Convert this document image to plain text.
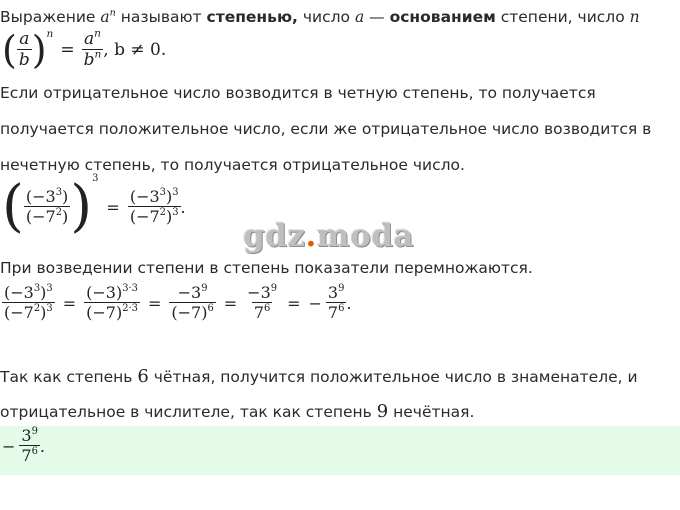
Выражение $a^n$ называют степенью, число a — основанием степени, число n
( $\frac{a}{b}$ ) n
= $\frac{a^n}{b^n}$ , b ≠ 0.
Если отрицательное число возводится в четную степень, то получается
получается положительное число, если же отрицательное число возводится в
нечетную степень, то получается отрицательное число.
( $\frac{(-3^3)}{(-7^2)}$ ) 3
= $\frac{(-3^3)^3}{(-7^2)^3}$ .
gdz.moda
При возведении степени в степень показатели перемножаются.
$\frac{(-3^3)^3}{(-7^2)^3} = \frac{(-3)^{3\cdot 3}}{(-7)^{2\cdot 3}} = \frac{-3^9}{(-7)^6} = \frac{-3^9}{7^6}$ = − $\frac{3^9}{7^6}$ .
Так как степень 6 чётная, получится положительное число в знаменателе, и
отрицательное в числителе, так как степень 9 нечётная.
− $\frac{3^9}{7^6}$ .
